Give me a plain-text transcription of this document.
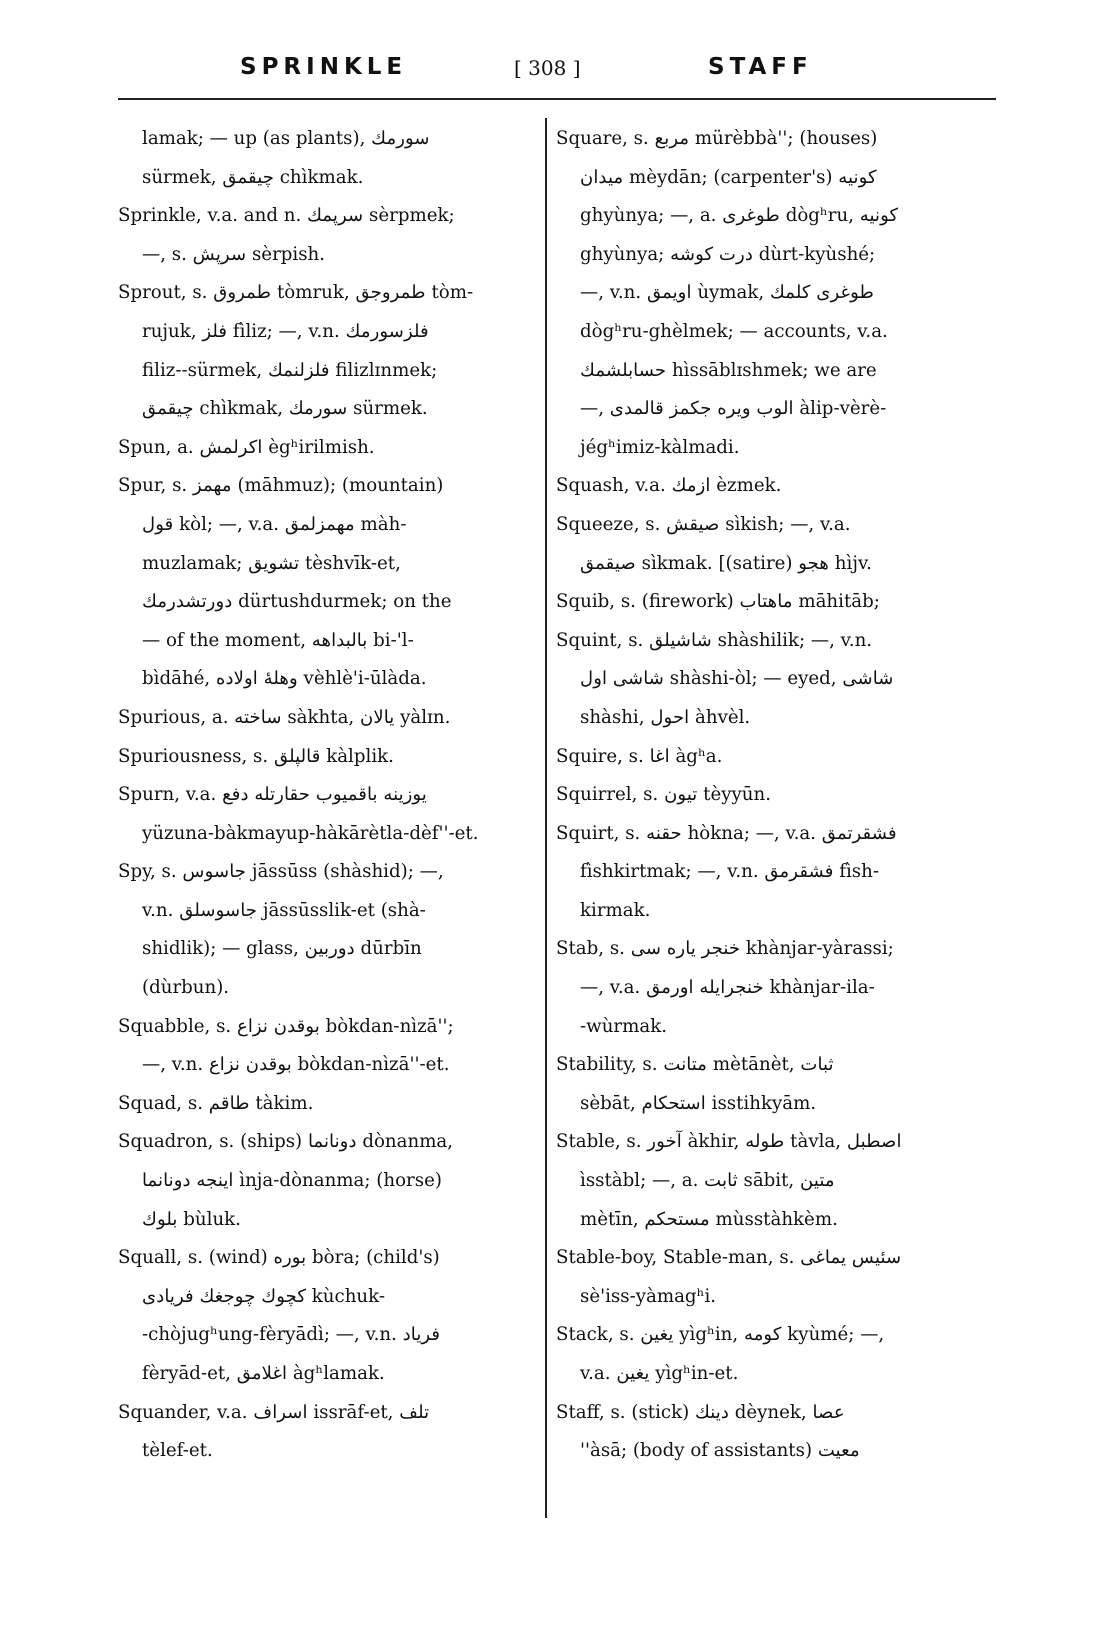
SPRINKLE	[ 308 ]	STAFF
lamak; — up (as plants), سورمك
sürmek, چیقمق chìkmak.
Sprinkle, v.a. and n. سرپمك sèrpmek;
—, s. سرپش sèrpish.
Sprout, s. طمروق tòmruk, طمروجق tòm-
rujuk, فلز fìliz; —, v.n. فلزسورمك
filiz--sürmek, فلزلنمك filizlɪnmek;
چیقمق chìkmak, سورمك sürmek.
Spun, a. اكرلمش ègʰirilmish.
Spur, s. مهمز (māhmuz); (mountain)
قول kòl; —, v.a. مهمزلمق màh-
muzlamak; تشویق tèshvīk-et,
دورتشدرمك dürtushdurmek; on the
— of the moment, بالبداهه bi-'l-
bìdāhé, وهلهٔ اولاده vèhlè'i-ūlàda.
Spurious, a. ساخته sàkhta, یالان yàlɪn.
Spuriousness, s. قالپلق kàlplik.
Spurn, v.a. یوزینه باقمیوب حقارتله دفع
yüzuna-bàkmayup-hàkārètla-dèf''-et.
Spy, s. جاسوس jāssūss (shàshid); —,
v.n. جاسوسلق jāssūsslik-et (shà-
shidlik); — glass, دوربین dūrbīn
(dùrbun).
Squabble, s. بوقدن نزاع bòkdan-nìzā'';
—, v.n. بوقدن نزاع bòkdan-nìzā''-et.
Squad, s. طاقم tàkim.
Squadron, s. (ships) دونانما dònanma,
اینجه دونانما ìnja-dònanma; (horse)
بلوك bùluk.
Squall, s. (wind) بوره bòra; (child's)
كچوك چوجغك فریادی kùchuk-
-chòjugʰung-fèryādì; —, v.n. فریاد
fèryād-et, اغلامق àgʰlamak.
Squander, v.a. اسراف issrāf-et, تلف
tèlef-et.
Square, s. مربع mürèbbà''; (houses)
میدان mèydān; (carpenter's) كونیه
ghyùnya; —, a. طوغری dògʰru, كونیه
ghyùnya; درت كوشه dùrt-kyùshé;
—, v.n. اویمق ùymak, طوغری كلمك
dògʰru-ghèlmek; — accounts, v.a.
حسابلشمك hìssāblɪshmek; we are
—, الوب ویره جكمز قالمدی àlip-vèrè-
jégʰimiz-kàlmadi.
Squash, v.a. ازمك èzmek.
Squeeze, s. صیقش sìkish; —, v.a.
صیقمق sìkmak. [(satire) هجو hìjv.
Squib, s. (firework) ماهتاب māhitāb;
Squint, s. شاشیلق shàshilik; —, v.n.
شاشی اول shàshi-òl; — eyed, شاشی
shàshi, احول àhvèl.
Squire, s. اغا àgʰa.
Squirrel, s. تیون tèyyūn.
Squirt, s. حقنه hòkna; —, v.a. فشقرتمق
fìshkirtmak; —, v.n. فشقرمق fìsh-
kirmak.
Stab, s. خنجر یاره سی khànjar-yàrassi;
—, v.a. خنجرایله اورمق khànjar-ila-
-wùrmak.
Stability, s. متانت mètānèt, ثبات
sèbāt, استحكام isstihkyām.
Stable, s. آخور àkhir, طوله tàvla, اصطبل
ìsstàbl; —, a. ثابت sābit, متین
mètīn, مستحكم mùsstàhkèm.
Stable-boy, Stable-man, s. سئیس یماغی
sè'iss-yàmagʰi.
Stack, s. یغین yìgʰin, كومه kyùmé; —,
v.a. یغین yìgʰin-et.
Staff, s. (stick) دینك dèynek, عصا
''àsā; (body of assistants) معیت
